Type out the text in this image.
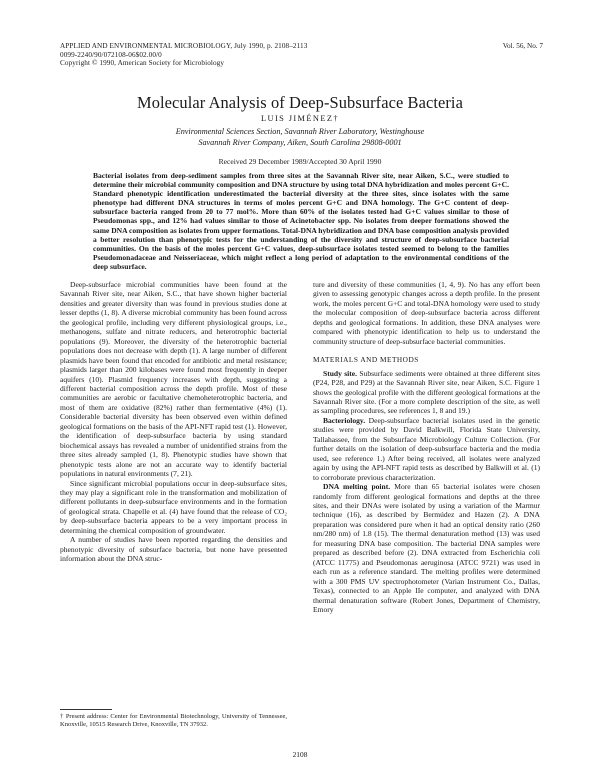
APPLIED AND ENVIRONMENTAL MICROBIOLOGY, July 1990, p. 2108–2113
0099-2240/90/072108-06$02.00/0
Copyright © 1990, American Society for Microbiology
Vol. 56, No. 7
Molecular Analysis of Deep-Subsurface Bacteria
LUIS JIMÉNEZ†
Environmental Sciences Section, Savannah River Laboratory, Westinghouse
Savannah River Company, Aiken, South Carolina 29808-0001
Received 29 December 1989/Accepted 30 April 1990
Bacterial isolates from deep-sediment samples from three sites at the Savannah River site, near Aiken, S.C., were studied to determine their microbial community composition and DNA structure by using total DNA hybridization and moles percent G+C. Standard phenotypic identification underestimated the bacterial diversity at the three sites, since isolates with the same phenotype had different DNA structures in terms of moles percent G+C and DNA homology. The G+C content of deep-subsurface bacteria ranged from 20 to 77 mol%. More than 60% of the isolates tested had G+C values similar to those of Pseudomonas spp., and 12% had values similar to those of Acinetobacter spp. No isolates from deeper formations showed the same DNA composition as isolates from upper formations. Total-DNA hybridization and DNA base composition analysis provided a better resolution than phenotypic tests for the understanding of the diversity and structure of deep-subsurface bacterial communities. On the basis of the moles percent G+C values, deep-subsurface isolates tested seemed to belong to the families Pseudomonadaceae and Neisseriaceae, which might reflect a long period of adaptation to the environmental conditions of the deep subsurface.

Deep-subsurface microbial communities have been found at the Savannah River site, near Aiken, S.C., that have shown higher bacterial densities and greater diversity than was found in previous studies done at lesser depths (1, 8). A diverse microbial community has been found across the geological profile, including very different physiological groups, i.e., methanogens, sulfate and nitrate reducers, and heterotrophic bacterial populations (9). Moreover, the diversity of the heterotrophic bacterial populations does not decrease with depth (1). A large number of different plasmids have been found that encoded for antibiotic and metal resistance; plasmids larger than 200 kilobases were found most frequently in deeper aquifers (10). Plasmid frequency increases with depth, suggesting a different bacterial composition across the depth profile. Most of these communities are aerobic or facultative chemoheterotrophic bacteria, and most of them are oxidative (82%) rather than fermentative (4%) (1). Considerable bacterial diversity has been observed even within defined geological formations on the basis of the API-NFT rapid test (1). However, the identification of deep-subsurface bacteria by using standard biochemical assays has revealed a number of unidentified strains from the three sites already sampled (1, 8). Phenotypic studies have shown that phenotypic tests alone are not an accurate way to identify bacterial populations in natural environments (7, 21).

Since significant microbial populations occur in deep-subsurface sites, they may play a significant role in the transformation and mobilization of different pollutants in deep-subsurface environments and in the formation of geological strata. Chapelle et al. (4) have found that the release of CO₂ by deep-subsurface bacteria appears to be a very important process in determining the chemical composition of groundwater.

A number of studies have been reported regarding the densities and phenotypic diversity of subsurface bacteria, but none have presented information about the DNA struc-

† Present address: Center for Environmental Biotechnology, University of Tennessee, Knoxville, 10515 Research Drive, Knoxville, TN 37932.

ture and diversity of these communities (1, 4, 9). No has any effort been given to assessing genotypic changes across a depth profile. In the present work, the moles percent G+C and total-DNA homology were used to study the molecular composition of deep-subsurface bacteria across different depths and geological formations. In addition, these DNA analyses were compared with phenotypic identification to help us to understand the community structure of deep-subsurface bacterial communities.

MATERIALS AND METHODS

Study site. Subsurface sediments were obtained at three different sites (P24, P28, and P29) at the Savannah River site, near Aiken, S.C. Figure 1 shows the geological profile with the different geological formations at the Savannah River site. (For a more complete description of the site, as well as sampling procedures, see references 1, 8 and 19.)

Bacteriology. Deep-subsurface bacterial isolates used in the genetic studies were provided by David Balkwill, Florida State University, Tallahassee, from the Subsurface Microbiology Culture Collection. (For further details on the isolation of deep-subsurface bacteria and the media used, see reference 1.) After being received, all isolates were analyzed again by using the API-NFT rapid tests as described by Balkwill et al. (1) to corroborate previous characterization.

DNA melting point. More than 65 bacterial isolates were chosen randomly from different geological formations and depths at the three sites, and their DNAs were isolated by using a variation of the Marmur technique (16), as described by Bermúdez and Hazen (2). A DNA preparation was considered pure when it had an optical density ratio (260 nm/280 nm) of 1.8 (15). The thermal denaturation method (13) was used for measuring DNA base composition. The bacterial DNA samples were prepared as described before (2). DNA extracted from Escherichia coli (ATCC 11775) and Pseudomonas aeruginosa (ATCC 9721) was used in each run as a reference standard. The melting profiles were determined with a 300 PMS UV spectrophotometer (Varian Instrument Co., Dallas, Texas), connected to an Apple IIe computer, and analyzed with DNA thermal denaturation software (Robert Jones, Department of Chemistry, Emory

2108
